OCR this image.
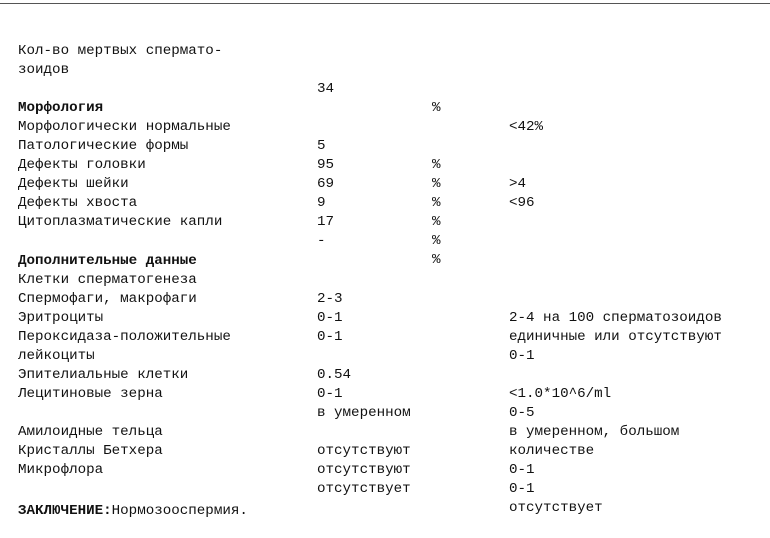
Кол-во мертвых сперматo-

зоидов

34

%

<42%

Морфология

Морфологически нормальные

5

%

>4

Патологические формы

95

%

<96

Дефекты головки

69

%

Дефекты шейки

9

%

Дефекты хвоста

17

%

Цитоплазматические капли

-

%

Дополнительные данные

Клетки сперматогенеза

2-3

2-4 на 100 сперматозоидов

Спермофаги, макрофаги

0-1

единичные или отсутствуют

Эритроциты

0-1

0-1

Пероксидаза-положительные

лейкоциты

0.54

<1.0*10^6/ml

Эпителиальные клетки

0-1

0-5

Лецитиновые зерна

в умеренном

в умеренном, большом

количестве

Амилоидные тельца

отсутствуют

0-1

Кристаллы Бетхера

отсутствуют

0-1

Микрофлора

отсутствует

отсутствует

ЗАКЛЮЧЕНИЕ:Нормозооспермия.
